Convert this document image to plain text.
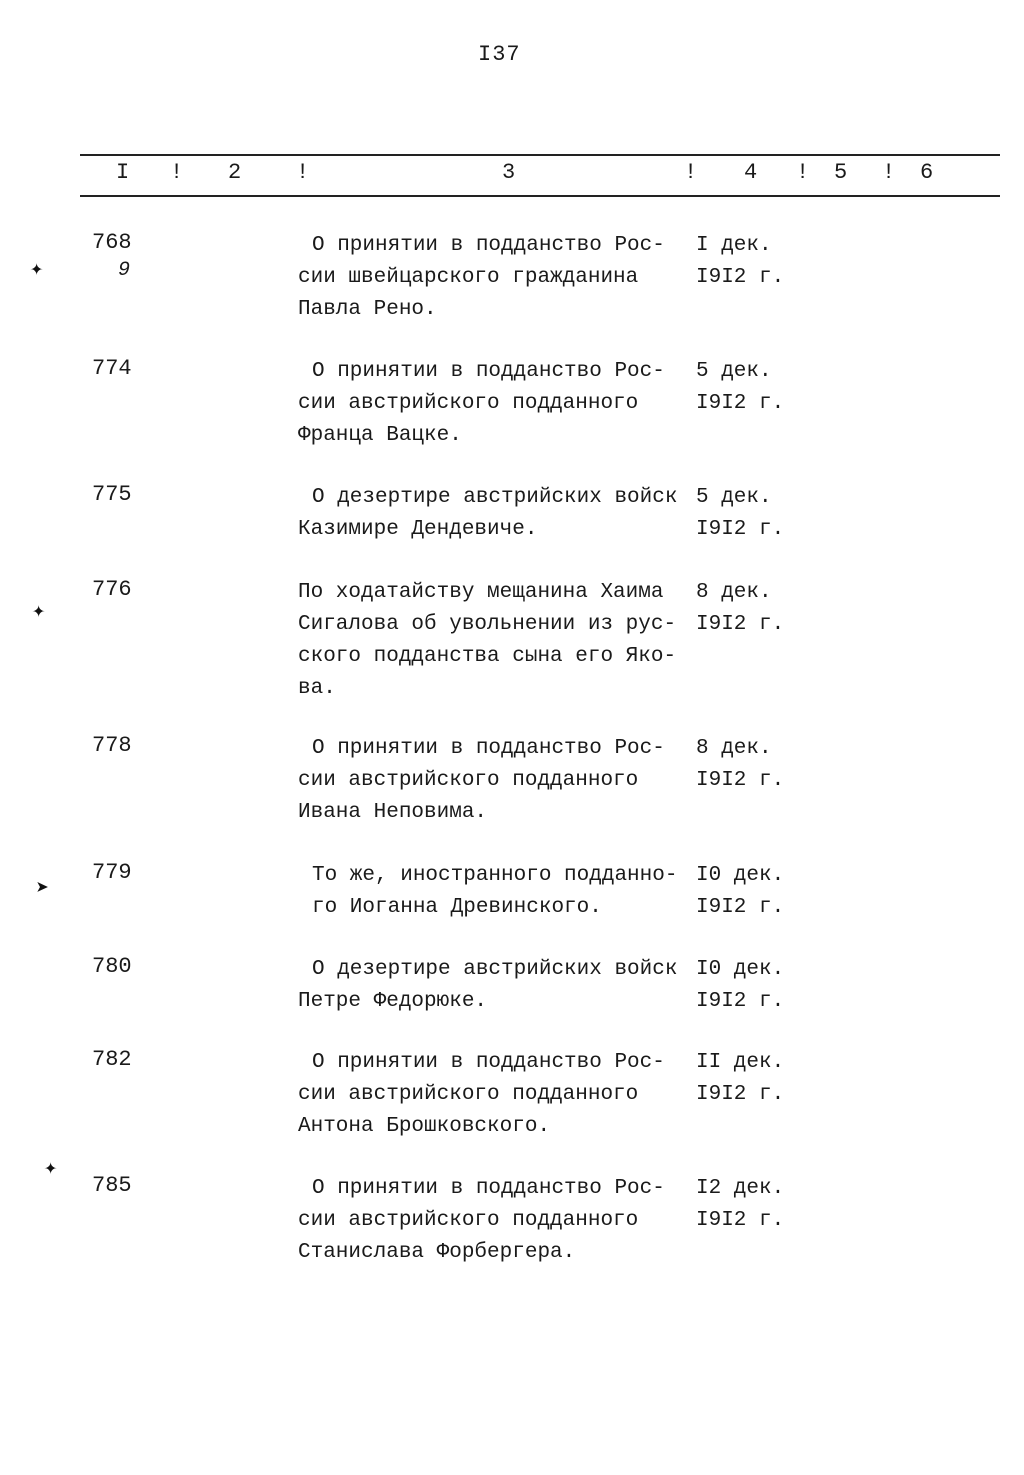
I37
I ! 2 !	3	! 4 ! 5 ! 6
768
9
О принятии в подданство Рос-
сии швейцарского гражданина
Павла Рено.
I дек.
I9I2 г.
774	О принятии в подданство Рос-
сии австрийского подданного
Франца Вацке.
5 дек.
I9I2 г.
775	О дезертире австрийских войск
Казимире Дендевиче.
5 дек.
I9I2 г.
776	По ходатайству мещанина Хаима
Сигалова об увольнении из рус-
ского подданства сына его Яко-
ва.
8 дек.
I9I2 г.
778	О принятии в подданство Рос-
сии австрийского подданного
Ивана Неповима.
8 дек.
I9I2 г.
779	То же, иностранного подданно-
го Иоганна Древинского.
I0 дек.
I9I2 г.
780	О дезертире австрийских войск
Петре Федорюке.
I0 дек.
I9I2 г.
782	О принятии в подданство Рос-
сии австрийского подданного
Антона Брошковского.
II дек.
I9I2 г.
785	О принятии в подданство Рос-
сии австрийского подданного
Станислава Форбергера.
I2 дек.
I9I2 г.
✦
✦
➤
✦
